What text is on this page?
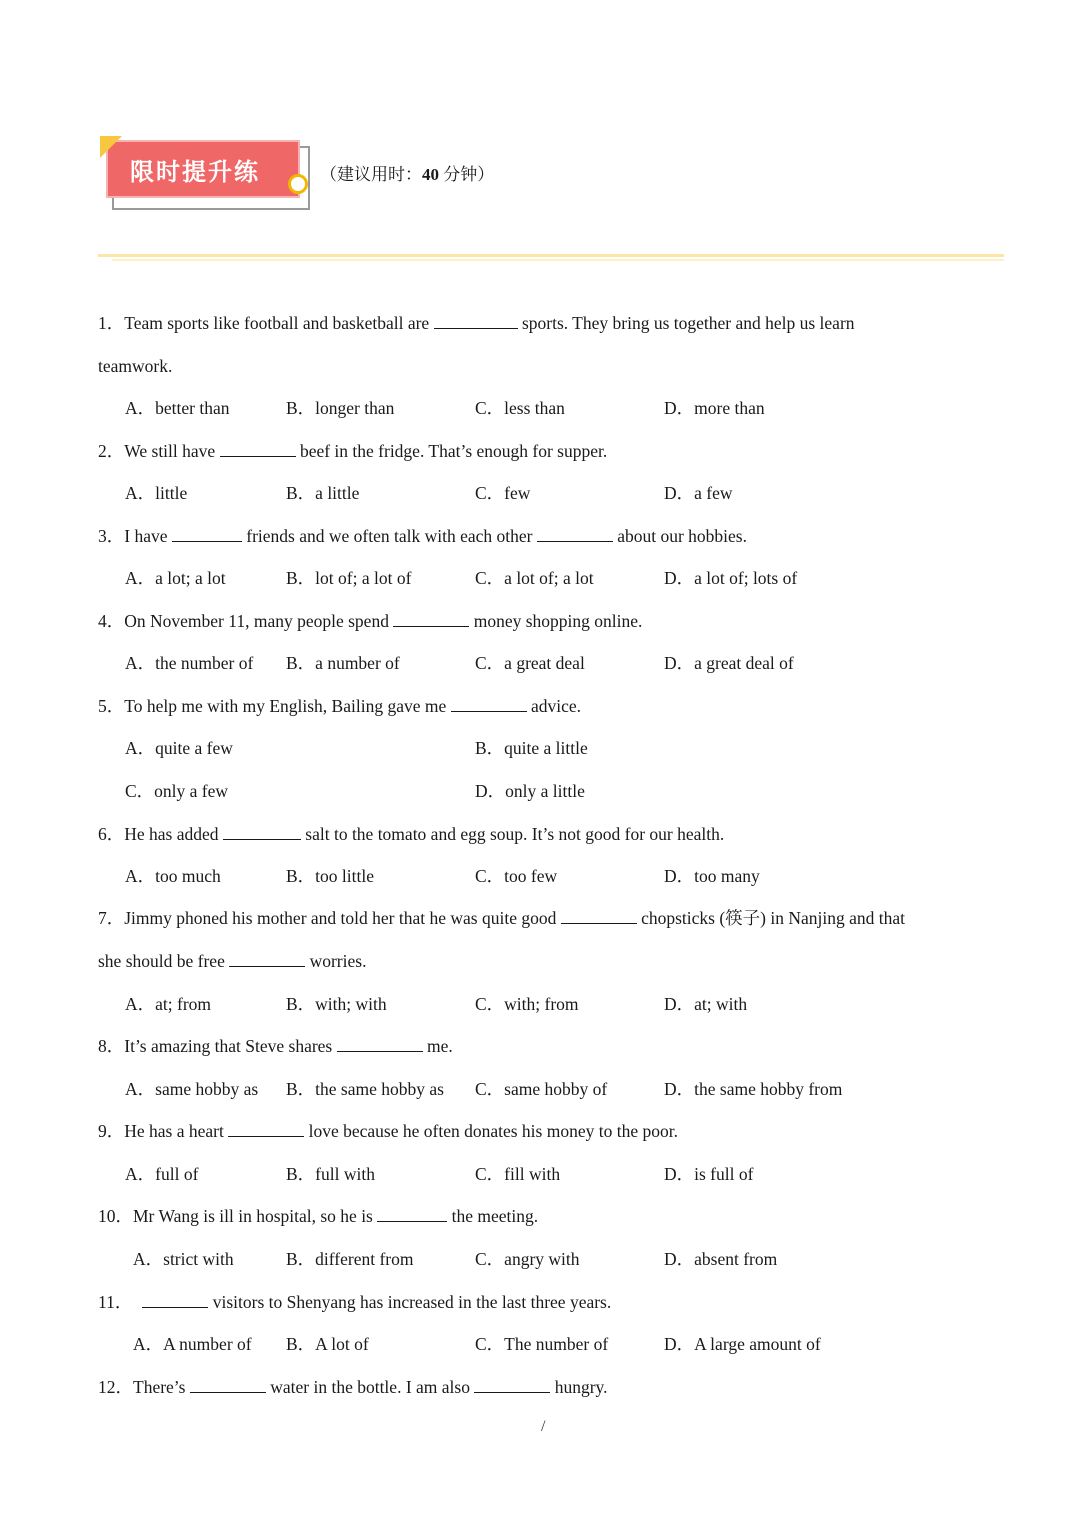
限时提升练	（建议用时：40 分钟）
1．Team sports like football and basketball are	sports. They bring us together and help us learn
teamwork.
A．better than	B．longer than	C．less than	D．more than
2．We still have	beef in the fridge. That’s enough for supper.
A．little	B．a little	C．few	D．a few
3．I have	friends and we often talk with each other	about our hobbies.
A．a lot; a lot	B．lot of; a lot of	C．a lot of; a lot	D．a lot of; lots of
4．On November 11, many people spend	money shopping online.
A．the number of B．a number of	C．a great deal	D．a great deal of
5．To help me with my English, Bailing gave me	advice.
A．quite a few	B．quite a little
C．only a few	D．only a little
6．He has added	salt to the tomato and egg soup. It’s not good for our health.
A．too much	B．too little	C．too few	D．too many
7．Jimmy phoned his mother and told her that he was quite good	chopsticks (筷子) in Nanjing and that
she should be free	worries.
A．at; from	B．with; with	C．with; from	D．at; with
8．It’s amazing that Steve shares	me.
A．same hobby as B．the same hobby as C．same hobby of	D．the same hobby from
9．He has a heart	love because he often donates his money to the poor.
A．full of	B．full with	C．fill with	D．is full of
10．Mr Wang is ill in hospital, so he is	the meeting.
A．strict with	B．different from	C．angry with	D．absent from
11．	visitors to Shenyang has increased in the last three years.
A．A number of B．A lot of	C．The number of	D．A large amount of
12．There’s	water in the bottle. I am also	hungry.
/
